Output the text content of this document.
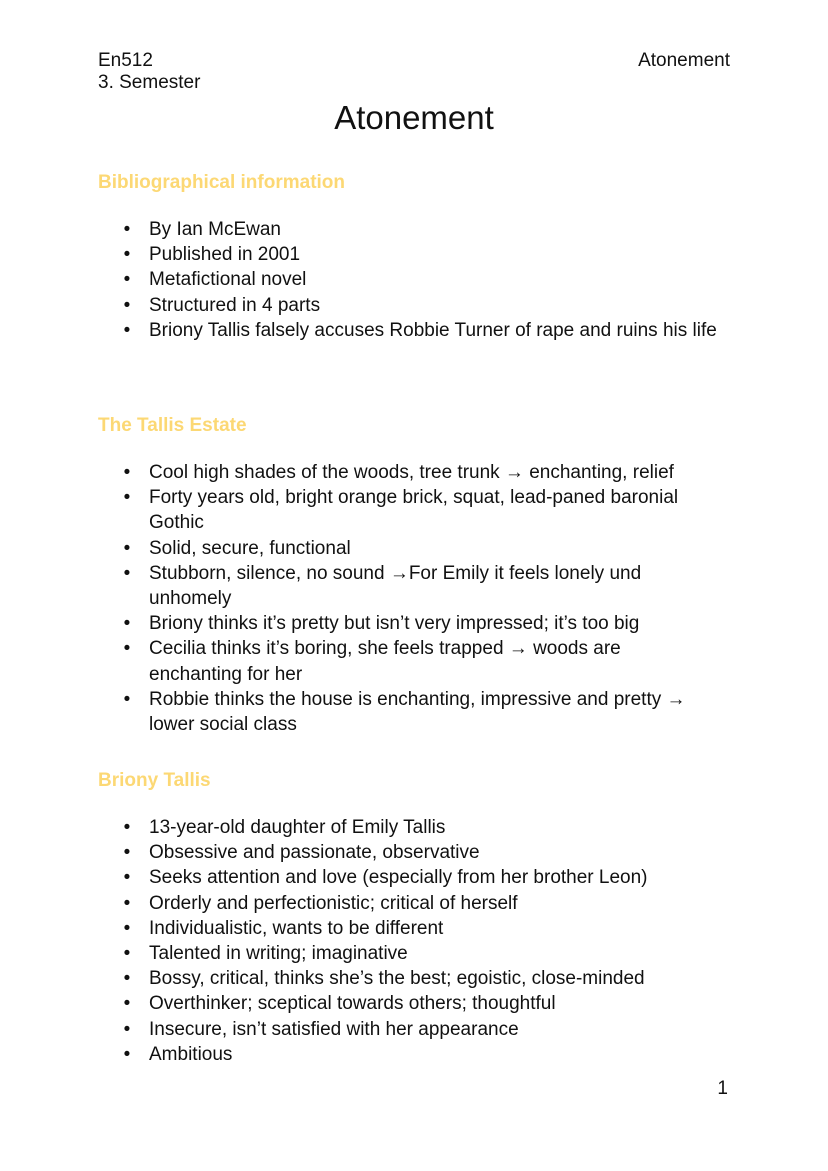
En512
3. Semester
Atonement
Atonement
Bibliographical information
• By Ian McEwan
• Published in 2001
• Metafictional novel
• Structured in 4 parts
• Briony Tallis falsely accuses Robbie Turner of rape and ruins his life
The Tallis Estate
• Cool high shades of the woods, tree trunk → enchanting, relief
• Forty years old, bright orange brick, squat, lead-paned baronial Gothic
• Solid, secure, functional
• Stubborn, silence, no sound →For Emily it feels lonely und unhomely
• Briony thinks it’s pretty but isn’t very impressed; it’s too big
• Cecilia thinks it’s boring, she feels trapped → woods are enchanting for her
• Robbie thinks the house is enchanting, impressive and pretty → lower social class
Briony Tallis
• 13-year-old daughter of Emily Tallis
• Obsessive and passionate, observative
• Seeks attention and love (especially from her brother Leon)
• Orderly and perfectionistic; critical of herself
• Individualistic, wants to be different
• Talented in writing; imaginative
• Bossy, critical, thinks she’s the best; egoistic, close-minded
• Overthinker; sceptical towards others; thoughtful
• Insecure, isn’t satisfied with her appearance
• Ambitious
1
